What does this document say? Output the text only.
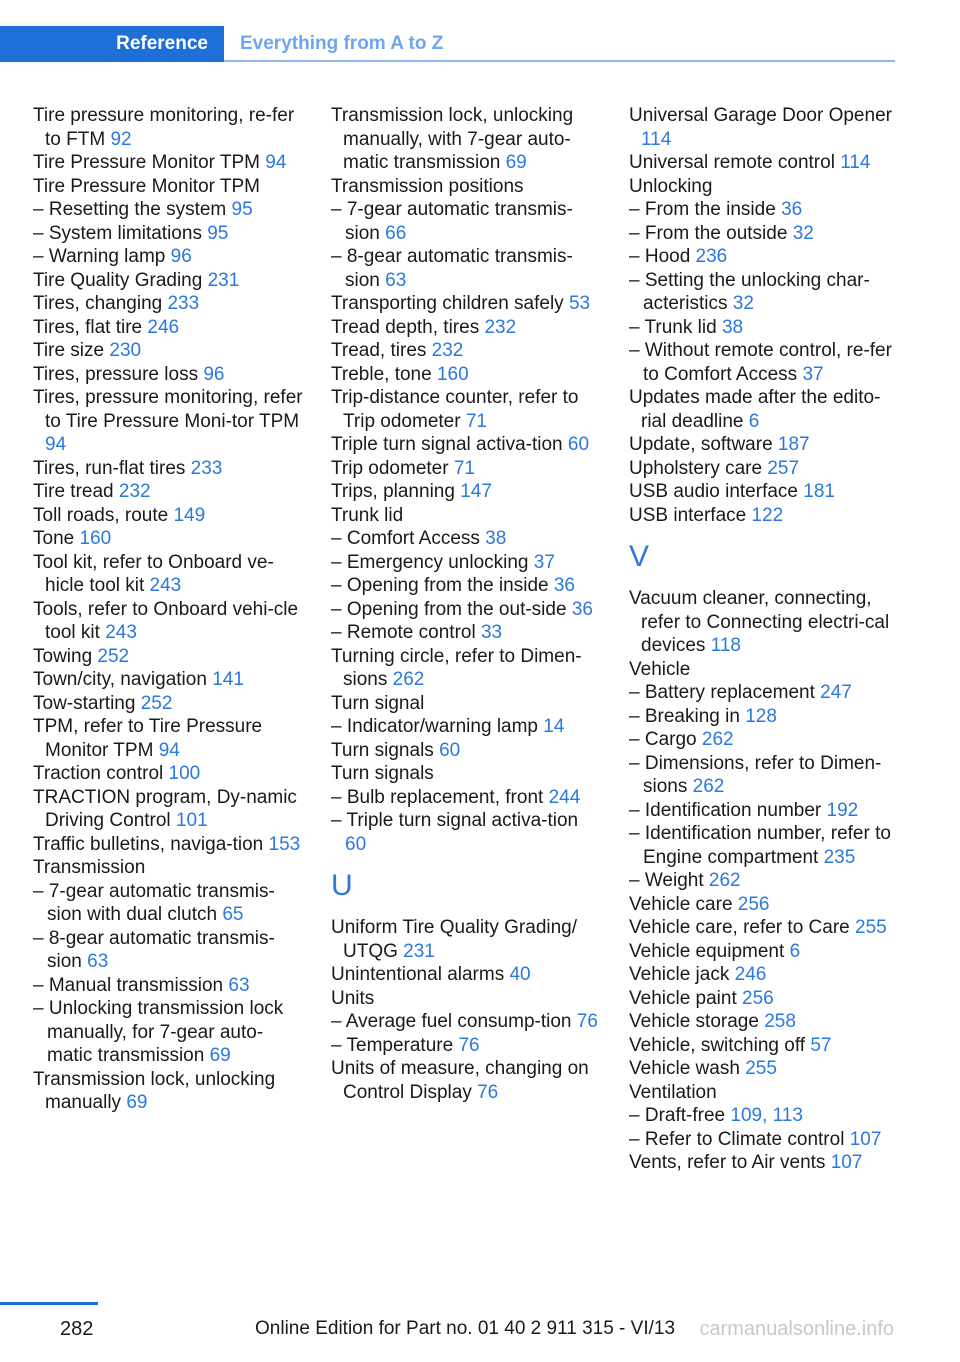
Reference	Everything from A to Z
Tire pressure monitoring, re-fer to FTM 92
Tire Pressure Monitor TPM 94
Tire Pressure Monitor TPM
– Resetting the system 95
– System limitations 95
– Warning lamp 96
Tire Quality Grading 231
Tires, changing 233
Tires, flat tire 246
Tire size 230
Tires, pressure loss 96
Tires, pressure monitoring, refer to Tire Pressure Moni-tor TPM 94
Tires, run-flat tires 233
Tire tread 232
Toll roads, route 149
Tone 160
Tool kit, refer to Onboard ve-hicle tool kit 243
Tools, refer to Onboard vehi-cle tool kit 243
Towing 252
Town/city, navigation 141
Tow-starting 252
TPM, refer to Tire Pressure Monitor TPM 94
Traction control 100
TRACTION program, Dy-namic Driving Control 101
Traffic bulletins, naviga-tion 153
Transmission
– 7-gear automatic transmis-sion with dual clutch 65
– 8-gear automatic transmis-sion 63
– Manual transmission 63
– Unlocking transmission lock manually, for 7-gear auto-matic transmission 69
Transmission lock, unlocking manually 69
Transmission lock, unlocking manually, with 7-gear auto-matic transmission 69
Transmission positions
– 7-gear automatic transmis-sion 66
– 8-gear automatic transmis-sion 63
Transporting children safely 53
Tread depth, tires 232
Tread, tires 232
Treble, tone 160
Trip-distance counter, refer to Trip odometer 71
Triple turn signal activa-tion 60
Trip odometer 71
Trips, planning 147
Trunk lid
– Comfort Access 38
– Emergency unlocking 37
– Opening from the inside 36
– Opening from the out-side 36
– Remote control 33
Turning circle, refer to Dimen-sions 262
Turn signal
– Indicator/warning lamp 14
Turn signals 60
Turn signals
– Bulb replacement, front 244
– Triple turn signal activa-tion 60
U
Uniform Tire Quality Grading/ UTQG 231
Unintentional alarms 40
Units
– Average fuel consump-tion 76
– Temperature 76
Units of measure, changing on Control Display 76
Universal Garage Door Opener 114
Universal remote control 114
Unlocking
– From the inside 36
– From the outside 32
– Hood 236
– Setting the unlocking char-acteristics 32
– Trunk lid 38
– Without remote control, re-fer to Comfort Access 37
Updates made after the edito-rial deadline 6
Update, software 187
Upholstery care 257
USB audio interface 181
USB interface 122
V
Vacuum cleaner, connecting, refer to Connecting electri-cal devices 118
Vehicle
– Battery replacement 247
– Breaking in 128
– Cargo 262
– Dimensions, refer to Dimen-sions 262
– Identification number 192
– Identification number, refer to Engine compartment 235
– Weight 262
Vehicle care 256
Vehicle care, refer to Care 255
Vehicle equipment 6
Vehicle jack 246
Vehicle paint 256
Vehicle storage 258
Vehicle, switching off 57
Vehicle wash 255
Ventilation
– Draft-free 109, 113
– Refer to Climate control 107
Vents, refer to Air vents 107
282	Online Edition for Part no. 01 40 2 911 315 - VI/13 carmanualsonline.info
